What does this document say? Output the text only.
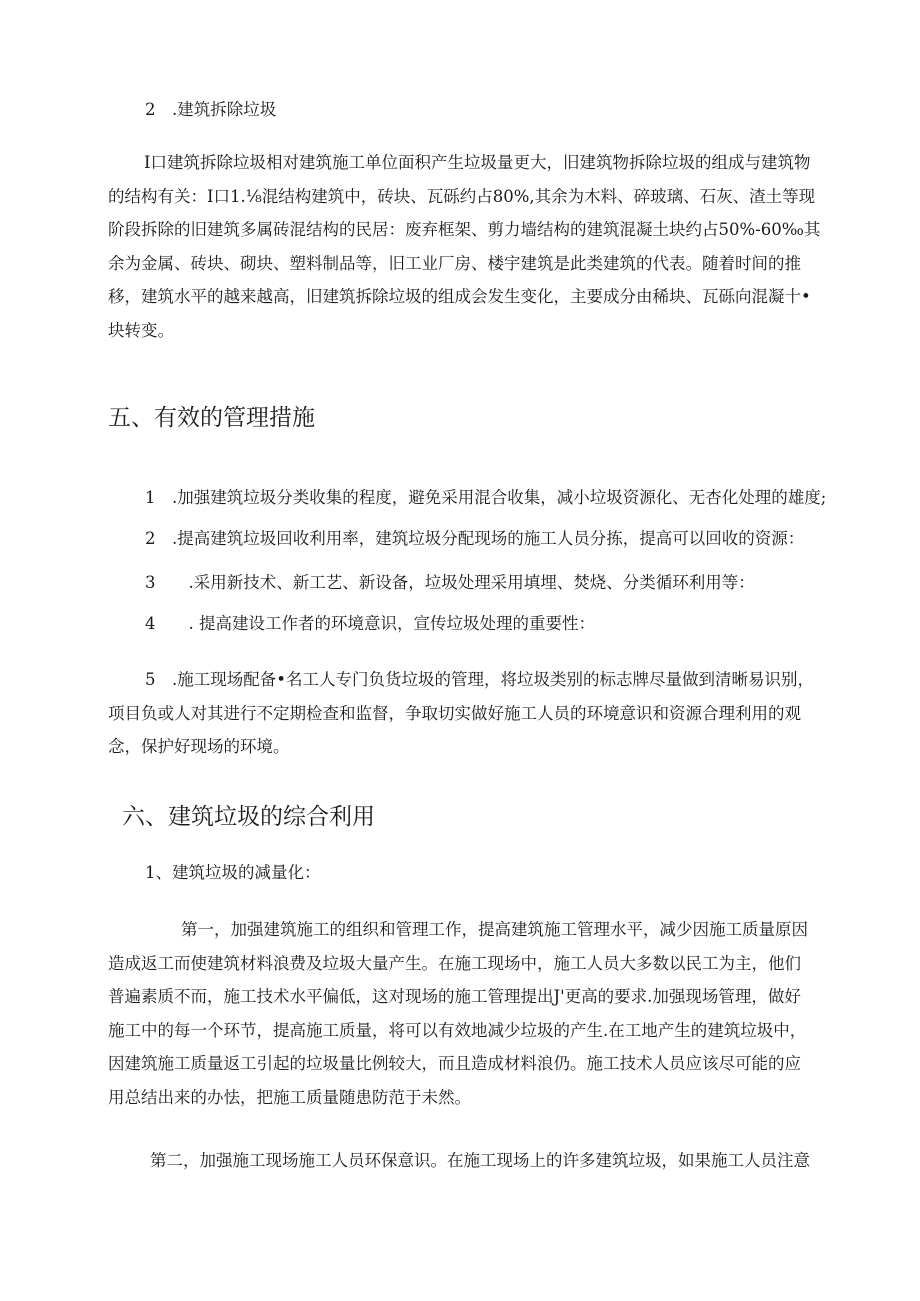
2　.建筑拆除垃圾
I口建筑拆除垃圾相对建筑施工单位面积产生垃圾量更大，旧建筑物拆除垃圾的组成与建筑物
的结构有关：I口1.⅛混结构建筑中，砖块、瓦砾约占80%,其余为木料、碎玻璃、石灰、渣土等现
阶段拆除的旧建筑多属砖混结构的民居：废弃框架、剪力墙结构的建筑混凝土块约占50%-60‰其
余为金属、砖块、砌块、塑料制品等，旧工业厂房、楼宇建筑是此类建筑的代表。随着时间的推
移，建筑水平的越来越高，旧建筑拆除垃圾的组成会发生变化，主要成分由稀块、瓦砾向混凝十•
块转变。
五、有效的管理措施
1　.加强建筑垃圾分类收集的程度，避免采用混合收集，减小垃圾资源化、无杏化处理的雄度;
2　.提高建筑垃圾回收利用率，建筑垃圾分配现场的施工人员分拣，提高可以回收的资源：
3　　.采用新技术、新工艺、新设备，垃圾处理采用填埋、焚烧、分类循环利用等：
4　　. 提高建设工作者的环境意识，宣传垃圾处理的重要性：
5　.施工现场配备•名工人专门负货垃圾的管理，将垃圾类别的标志牌尽量做到清晰易识别，
项目负或人对其进行不定期检查和监督，争取切实做好施工人员的环境意识和资源合理利用的观
念，保护好现场的环境。
六、建筑垃圾的综合利用
1、建筑垃圾的减量化：
　　第一，加强建筑施工的组织和管理工作，提高建筑施工管理水平，减少因施工质量原因
造成返工而使建筑材料浪费及垃圾大量产生。在施工现场中，施工人员大多数以民工为主，他们
普遍素质不而，施工技术水平偏低，这对现场的施工管理提出J'更高的要求.加强现场管理，做好
施工中的每一个环节，提高施工质量，将可以有效地减少垃圾的产生.在工地产生的建筑垃圾中，
因建筑施工质量返工引起的垃圾量比例较大，而且造成材料浪仍。施工技术人员应该尽可能的应
用总结出来的办怯，把施工质量随患防范于未然。
第二，加强施工现场施工人员环保意识。在施工现场上的许多建筑垃圾，如果施工人员注意
